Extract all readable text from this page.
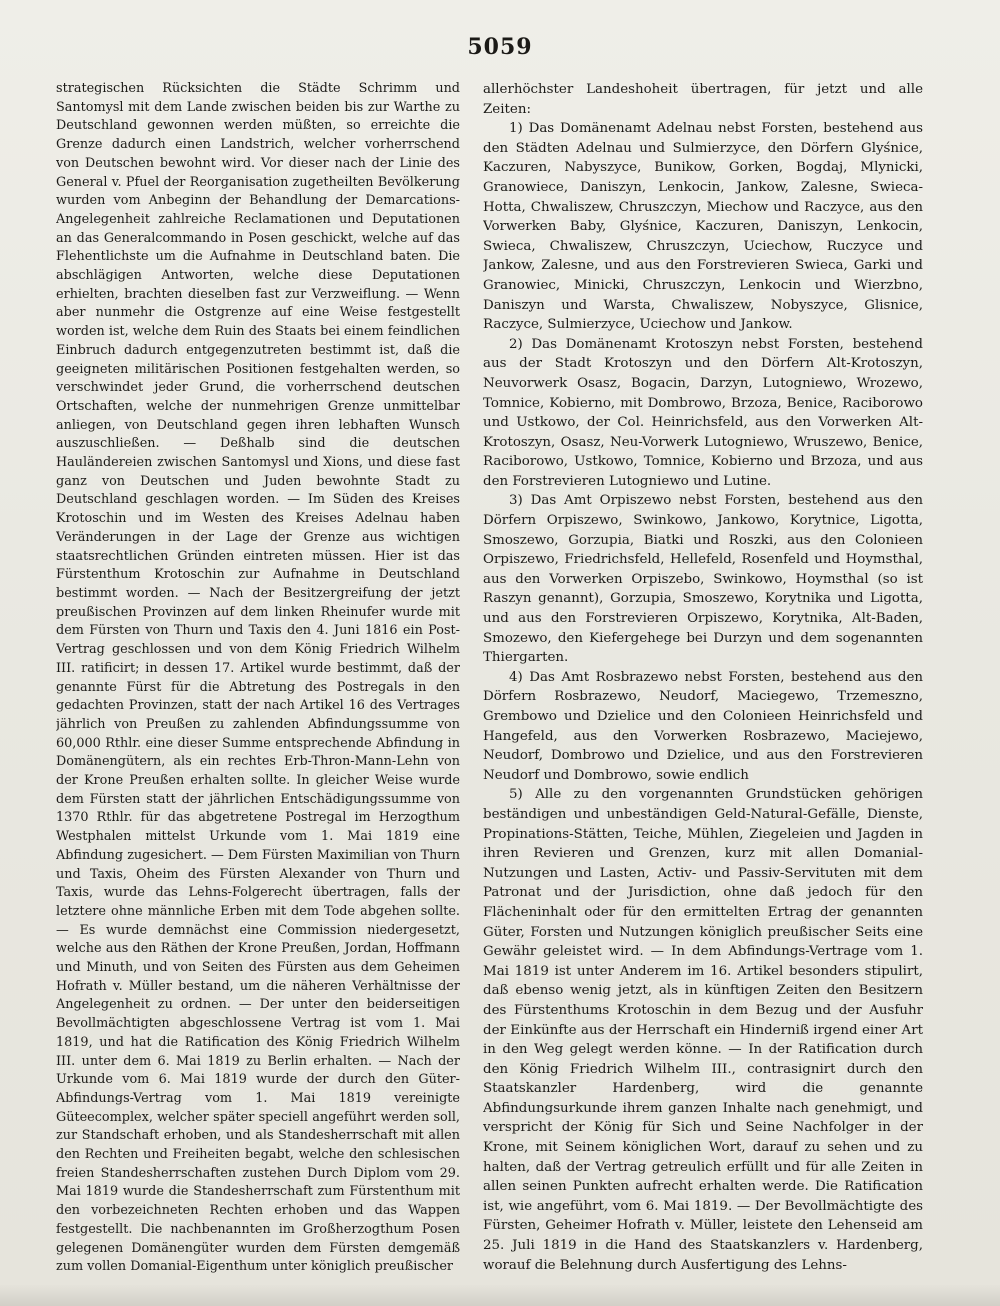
5059

strategischen Rücksichten die Städte Schrimm und Santomysl mit dem Lande zwischen beiden bis zur Warthe zu Deutschland gewonnen werden müßten, so erreichte die Grenze dadurch einen Landstrich, welcher vorherrschend von Deutschen bewohnt wird. Vor dieser nach der Linie des General v. Pfuel der Reorganisation zugetheilten Bevölkerung wurden vom Anbeginn der Behandlung der Demarcations-Angelegenheit zahlreiche Reclamationen und Deputationen an das Generalcommando in Posen geschickt, welche auf das Flehentlichste um die Aufnahme in Deutschland baten. Die abschlägigen Antworten, welche diese Deputationen erhielten, brachten dieselben fast zur Verzweiflung. — Wenn aber nunmehr die Ostgrenze auf eine Weise festgestellt worden ist, welche dem Ruin des Staats bei einem feindlichen Einbruch dadurch entgegenzutreten bestimmt ist, daß die geeigneten militärischen Positionen festgehalten werden, so verschwindet jeder Grund, die vorherrschend deutschen Ortschaften, welche der nunmehrigen Grenze unmittelbar anliegen, von Deutschland gegen ihren lebhaften Wunsch auszuschließen. — Deßhalb sind die deutschen Hauländereien zwischen Santomysl und Xions, und diese fast ganz von Deutschen und Juden bewohnte Stadt zu Deutschland geschlagen worden. — Im Süden des Kreises Krotoschin und im Westen des Kreises Adelnau haben Veränderungen in der Lage der Grenze aus wichtigen staatsrechtlichen Gründen eintreten müssen. Hier ist das Fürstenthum Krotoschin zur Aufnahme in Deutschland bestimmt worden. — Nach der Besitzergreifung der jetzt preußischen Provinzen auf dem linken Rheinufer wurde mit dem Fürsten von Thurn und Taxis den 4. Juni 1816 ein Post-Vertrag geschlossen und von dem König Friedrich Wilhelm III. ratificirt; in dessen 17. Artikel wurde bestimmt, daß der genannte Fürst für die Abtretung des Postregals in den gedachten Provinzen, statt der nach Artikel 16 des Vertrages jährlich von Preußen zu zahlenden Abfindungssumme von 60,000 Rthlr. eine dieser Summe entsprechende Abfindung in Domänengütern, als ein rechtes Erb-Thron-Mann-Lehn von der Krone Preußen erhalten sollte. In gleicher Weise wurde dem Fürsten statt der jährlichen Entschädigungssumme von 1370 Rthlr. für das abgetretene Postregal im Herzogthum Westphalen mittelst Urkunde vom 1. Mai 1819 eine Abfindung zugesichert. — Dem Fürsten Maximilian von Thurn und Taxis, Oheim des Fürsten Alexander von Thurn und Taxis, wurde das Lehns-Folgerecht übertragen, falls der letztere ohne männliche Erben mit dem Tode abgehen sollte. — Es wurde demnächst eine Commission niedergesetzt, welche aus den Räthen der Krone Preußen, Jordan, Hoffmann und Minuth, und von Seiten des Fürsten aus dem Geheimen Hofrath v. Müller bestand, um die näheren Verhältnisse der Angelegenheit zu ordnen. — Der unter den beiderseitigen Bevollmächtigten abgeschlossene Vertrag ist vom 1. Mai 1819, und hat die Ratification des König Friedrich Wilhelm III. unter dem 6. Mai 1819 zu Berlin erhalten. — Nach der Urkunde vom 6. Mai 1819 wurde der durch den Güter-Abfindungs-Vertrag vom 1. Mai 1819 vereinigte Güteecomplex, welcher später speciell angeführt werden soll, zur Standschaft erhoben, und als Standesherrschaft mit allen den Rechten und Freiheiten begabt, welche den schlesischen freien Standesherrschaften zustehen Durch Diplom vom 29. Mai 1819 wurde die Standesherrschaft zum Fürstenthum mit den vorbezeichneten Rechten erhoben und das Wappen festgestellt. Die nachbenannten im Großherzogthum Posen gelegenen Domänengüter wurden dem Fürsten demgemäß zum vollen Domanial-Eigenthum unter königlich preußischer

allerhöchster Landeshoheit übertragen, für jetzt und alle Zeiten:

1) Das Domänenamt Adelnau nebst Forsten, bestehend aus den Städten Adelnau und Sulmierzyce, den Dörfern Glyśnice, Kaczuren, Nabyszyce, Bunikow, Gorken, Bogdaj, Mlynicki, Granowiece, Daniszyn, Lenkocin, Jankow, Zalesne, Swieca-Hotta, Chwaliszew, Chruszczyn, Miechow und Raczyce, aus den Vorwerken Baby, Glyśnice, Kaczuren, Daniszyn, Lenkocin, Swieca, Chwaliszew, Chruszczyn, Uciechow, Ruczyce und Jankow, Zalesne, und aus den Forstrevieren Swieca, Garki und Granowiec, Minicki, Chruszczyn, Lenkocin und Wierzbno, Daniszyn und Warsta, Chwaliszew, Nobyszyce, Glisnice, Raczyce, Sulmierzyce, Uciechow und Jankow.

2) Das Domänenamt Krotoszyn nebst Forsten, bestehend aus der Stadt Krotoszyn und den Dörfern Alt-Krotoszyn, Neuvorwerk Osasz, Bogacin, Darzyn, Lutogniewo, Wrozewo, Tomnice, Kobierno, mit Dombrowo, Brzoza, Benice, Raciborowo und Ustkowo, der Col. Heinrichsfeld, aus den Vorwerken Alt-Krotoszyn, Osasz, Neu-Vorwerk Lutogniewo, Wruszewo, Benice, Raciborowo, Ustkowo, Tomnice, Kobierno und Brzoza, und aus den Forstrevieren Lutogniewo und Lutine.

3) Das Amt Orpiszewo nebst Forsten, bestehend aus den Dörfern Orpiszewo, Swinkowo, Jankowo, Korytnice, Ligotta, Smoszewo, Gorzupia, Biatki und Roszki, aus den Colonieen Orpiszewo, Friedrichsfeld, Hellefeld, Rosenfeld und Hoymsthal, aus den Vorwerken Orpiszebo, Swinkowo, Hoymsthal (so ist Raszyn genannt), Gorzupia, Smoszewo, Korytnika und Ligotta, und aus den Forstrevieren Orpiszewo, Korytnika, Alt-Baden, Smozewo, den Kiefergehege bei Durzyn und dem sogenannten Thiergarten.

4) Das Amt Rosbrazewo nebst Forsten, bestehend aus den Dörfern Rosbrazewo, Neudorf, Maciegewo, Trzemeszno, Grembowo und Dzielice und den Colonieen Heinrichsfeld und Hangefeld, aus den Vorwerken Rosbrazewo, Maciejewo, Neudorf, Dombrowo und Dzielice, und aus den Forstrevieren Neudorf und Dombrowo, sowie endlich

5) Alle zu den vorgenannten Grundstücken gehörigen beständigen und unbeständigen Geld-Natural-Gefälle, Dienste, Propinations-Stätten, Teiche, Mühlen, Ziegeleien und Jagden in ihren Revieren und Grenzen, kurz mit allen Domanial-Nutzungen und Lasten, Activ- und Passiv-Servituten mit dem Patronat und der Jurisdiction, ohne daß jedoch für den Flächeninhalt oder für den ermittelten Ertrag der genannten Güter, Forsten und Nutzungen königlich preußischer Seits eine Gewähr geleistet wird. — In dem Abfindungs-Vertrage vom 1. Mai 1819 ist unter Anderem im 16. Artikel besonders stipulirt, daß ebenso wenig jetzt, als in künftigen Zeiten den Besitzern des Fürstenthums Krotoschin in dem Bezug und der Ausfuhr der Einkünfte aus der Herrschaft ein Hinderniß irgend einer Art in den Weg gelegt werden könne. — In der Ratification durch den König Friedrich Wilhelm III., contrasignirt durch den Staatskanzler Hardenberg, wird die genannte Abfindungsurkunde ihrem ganzen Inhalte nach genehmigt, und verspricht der König für Sich und Seine Nachfolger in der Krone, mit Seinem königlichen Wort, darauf zu sehen und zu halten, daß der Vertrag getreulich erfüllt und für alle Zeiten in allen seinen Punkten aufrecht erhalten werde. Die Ratification ist, wie angeführt, vom 6. Mai 1819. — Der Bevollmächtigte des Fürsten, Geheimer Hofrath v. Müller, leistete den Lehenseid am 25. Juli 1819 in die Hand des Staatskanzlers v. Hardenberg, worauf die Belehnung durch Ausfertigung des Lehns-
